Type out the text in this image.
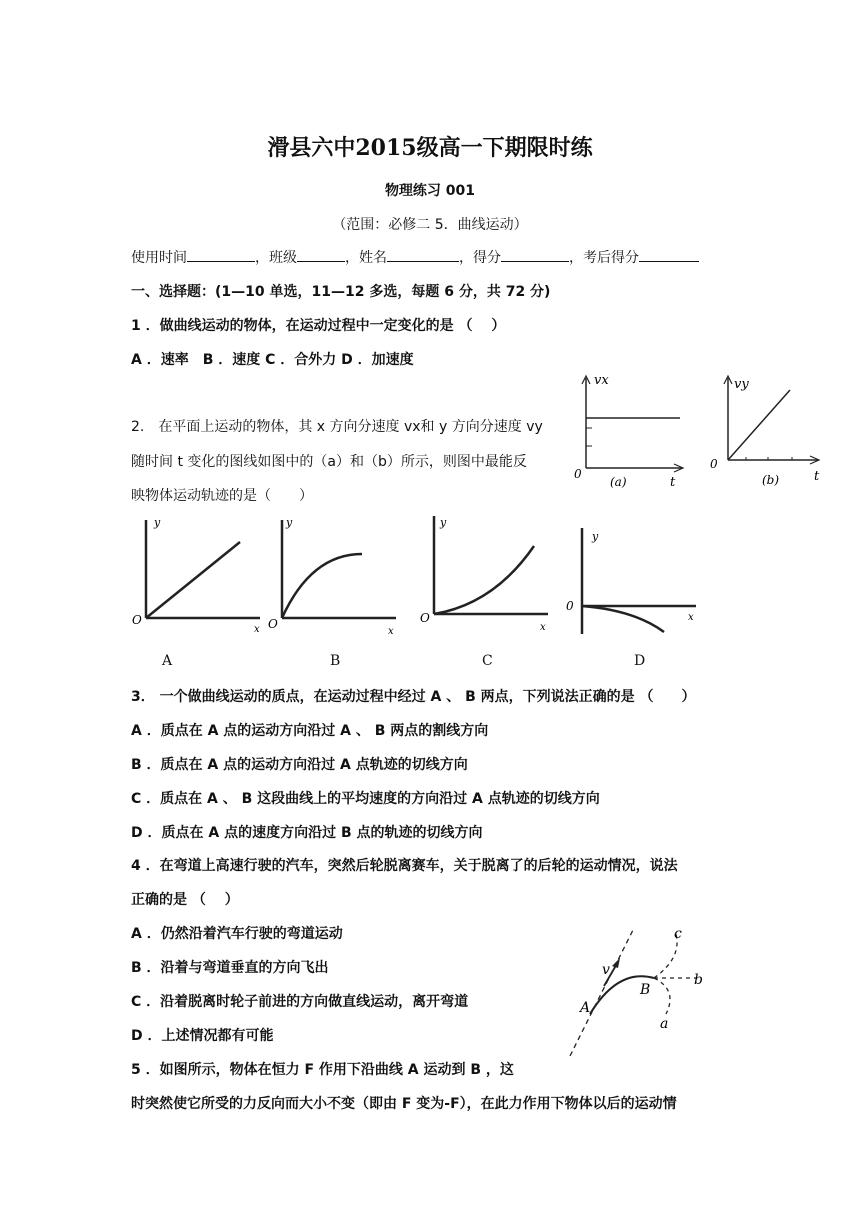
滑县六中2015级高一下期限时练
物理练习 001
（范围：必修二 5．曲线运动）
使用时间	，班级	，姓名	，得分	，考后得分
一、选择题：(1—10 单选，11—12 多选，每题 6 分，共 72 分)
1 ．做曲线运动的物体，在运动过程中一定变化的是 （　 ）
A ．速率　B ．速度 C ．合外力 D ．加速度
2.　在平面上运动的物体，其 x 方向分速度 vx和 y 方向分速度 vy
随时间 t 变化的图线如图中的（a）和（b）所示，则图中最能反
映物体运动轨迹的是（　　）
vx
0
t
(a)
vy
0
t
(b)
y
O
x
y
O
x
y
O
x
y
0
x
A	B	C	D
3． 一个做曲线运动的质点，在运动过程中经过 A 、 B 两点，下列说法正确的是 （　　）
A ．质点在 A 点的运动方向沿过 A 、 B 两点的割线方向
B ．质点在 A 点的运动方向沿过 A 点轨迹的切线方向
C ．质点在 A 、 B 这段曲线上的平均速度的方向沿过 A 点轨迹的切线方向
D ．质点在 A 点的速度方向沿过 B 点的轨迹的切线方向
4 ．在弯道上高速行驶的汽车，突然后轮脱离赛车，关于脱离了的后轮的运动情况，说法
正确的是 （　 ）
A ．仍然沿着汽车行驶的弯道运动
B ．沿着与弯道垂直的方向飞出
C ．沿着脱离时轮子前进的方向做直线运动，离开弯道
D ．上述情况都有可能
v
A
B
c
b
a
5 ．如图所示，物体在恒力 F 作用下沿曲线 A 运动到 B ，这
时突然使它所受的力反向而大小不变（即由 F 变为-F），在此力作用下物体以后的运动情
